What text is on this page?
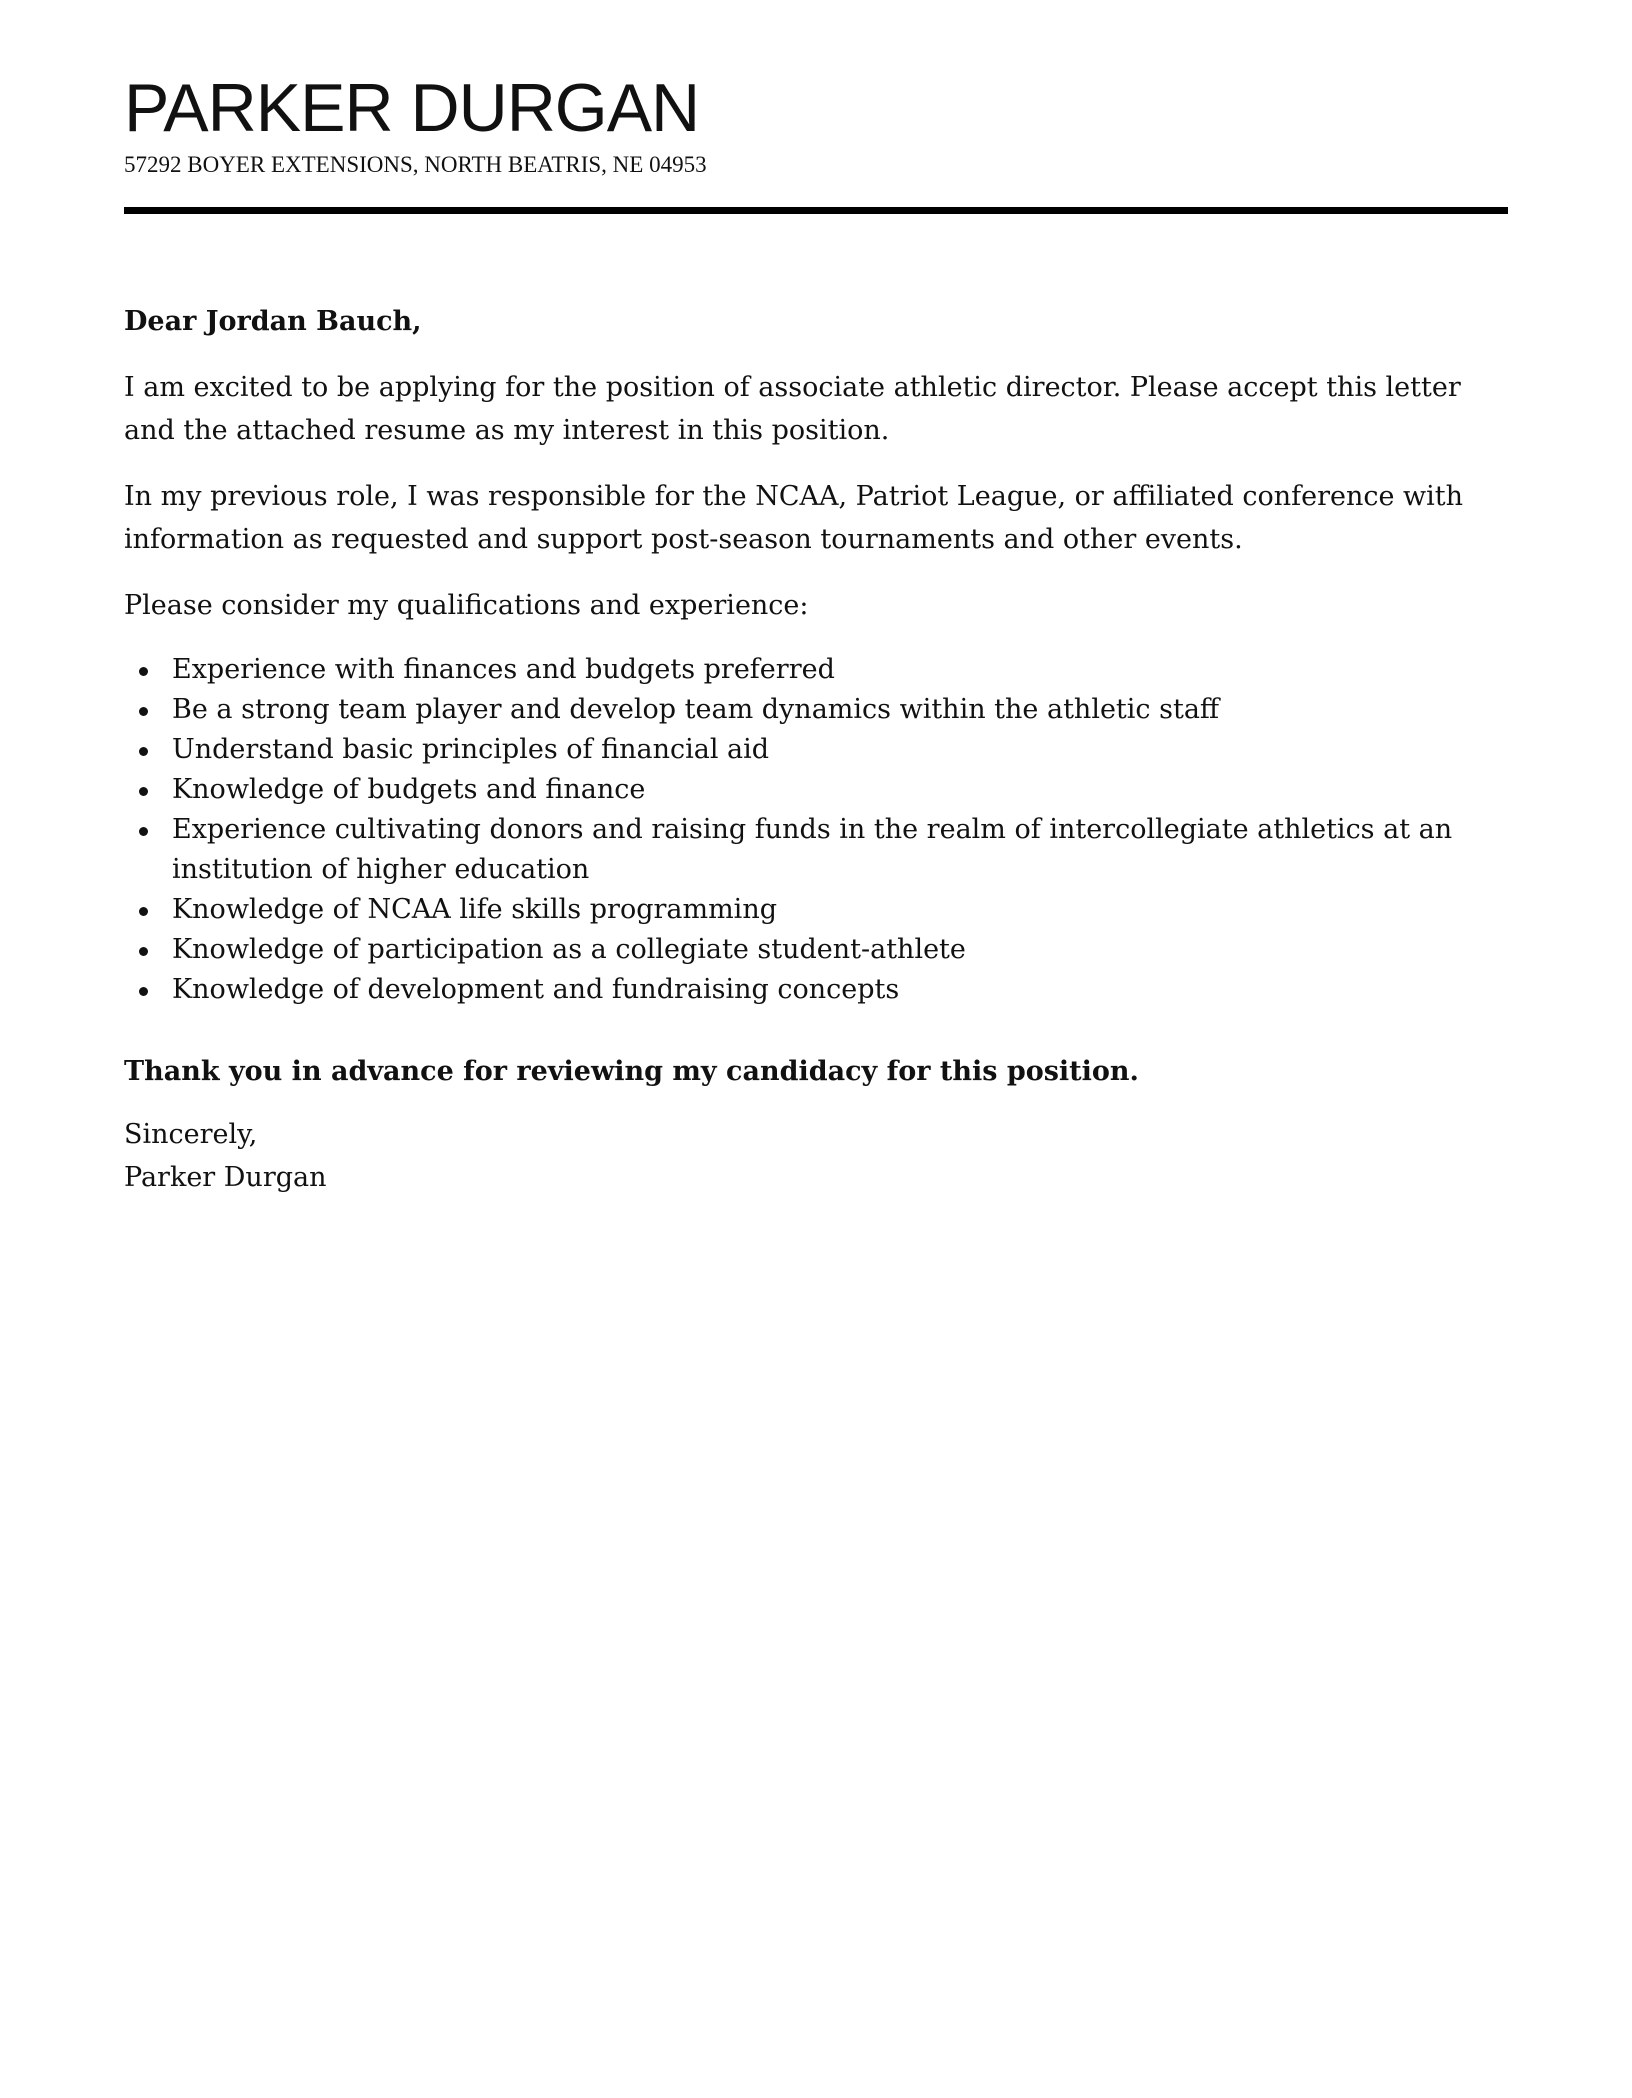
PARKER DURGAN
57292 BOYER EXTENSIONS, NORTH BEATRIS, NE 04953

Dear Jordan Bauch,

I am excited to be applying for the position of associate athletic director. Please accept this letter and the attached resume as my interest in this position.

In my previous role, I was responsible for the NCAA, Patriot League, or affiliated conference with information as requested and support post-season tournaments and other events.

Please consider my qualifications and experience:

Experience with finances and budgets preferred
Be a strong team player and develop team dynamics within the athletic staff
Understand basic principles of financial aid
Knowledge of budgets and finance
Experience cultivating donors and raising funds in the realm of intercollegiate athletics at an institution of higher education
Knowledge of NCAA life skills programming
Knowledge of participation as a collegiate student-athlete
Knowledge of development and fundraising concepts

Thank you in advance for reviewing my candidacy for this position.

Sincerely,
Parker Durgan
